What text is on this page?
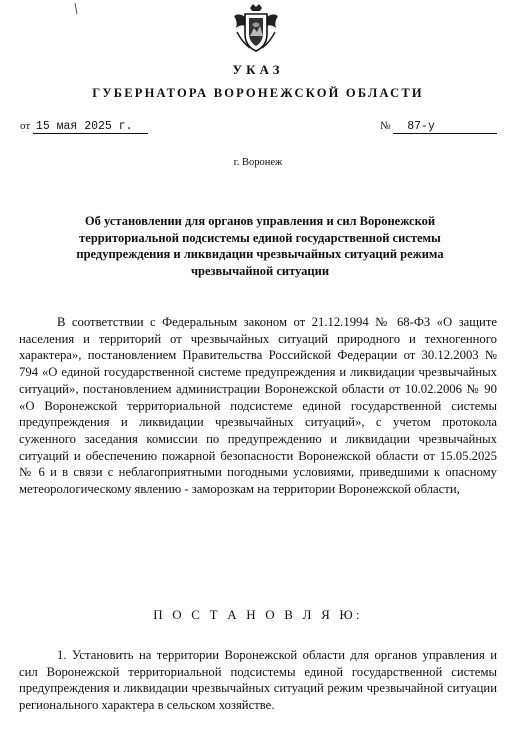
УКАЗ
ГУБЕРНАТОРА ВОРОНЕЖСКОЙ ОБЛАСТИ
от 15 мая 2025 г.	№ 87-у
г. Воронеж
Об установлении для органов управления и сил Воронежской
территориальной подсистемы единой государственной системы
предупреждения и ликвидации чрезвычайных ситуаций режима
чрезвычайной ситуации
В соответствии с Федеральным законом от 21.12.1994 № 68-ФЗ «О защите населения и территорий от чрезвычайных ситуаций природного и техногенного характера», постановлением Правительства Российской Федерации от 30.12.2003 № 794 «О единой государственной системе предупреждения и ликвидации чрезвычайных ситуаций», постановлением администрации Воронежской области от 10.02.2006 № 90 «О Воронежской территориальной подсистеме единой государственной системы предупреждения и ликвидации чрезвычайных ситуаций», с учетом протокола суженного заседания комиссии по предупреждению и ликвидации чрезвычайных ситуаций и обеспечению пожарной безопасности Воронежской области от 15.05.2025 № 6 и в связи с неблагоприятными погодными условиями, приведшими к опасному метеорологическому явлению - заморозкам на территории Воронежской области,
П О С Т А Н О В Л Я Ю:
1. Установить на территории Воронежской области для органов управления и сил Воронежской территориальной подсистемы единой государственной системы предупреждения и ликвидации чрезвычайных ситуаций режим чрезвычайной ситуации регионального характера в сельском хозяйстве.
